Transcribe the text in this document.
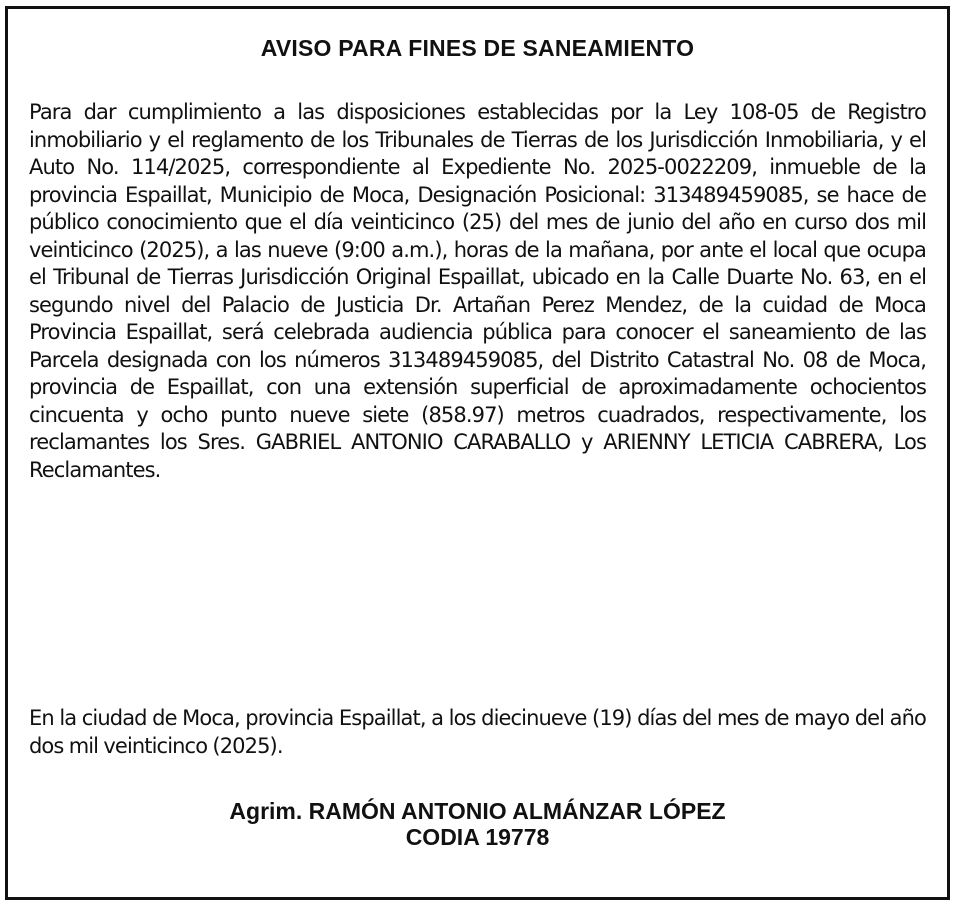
AVISO PARA FINES DE SANEAMIENTO
Para dar cumplimiento a las disposiciones establecidas por la Ley 108-05 de Registro inmobiliario y el reglamento de los Tribunales de Tierras de los Jurisdicción Inmobiliaria, y el Auto No. 114/2025, correspondiente al Expediente No. 2025-0022209, inmueble de la provincia Espaillat, Municipio de Moca, Designación Posicional: 313489459085, se hace de público conocimiento que el día veinticinco (25) del mes de junio del año en curso dos mil veinticinco (2025), a las nueve (9:00 a.m.), horas de la mañana, por ante el local que ocupa el Tribunal de Tierras Jurisdicción Original Espaillat, ubicado en la Calle Duarte No. 63, en el segundo nivel del Palacio de Justicia Dr. Artañan Perez Mendez, de la cuidad de Moca Provincia Espaillat, será celebrada audiencia pública para conocer el saneamiento de las Parcela designada con los números 313489459085, del Distrito Catastral No. 08 de Moca, provincia de Espaillat, con una extensión superficial de aproximadamente ochocientos cincuenta y ocho punto nueve siete (858.97) metros cuadrados, respectivamente, los reclamantes los Sres. GABRIEL ANTONIO CARABALLO y ARIENNY LETICIA CABRERA, Los Reclamantes.
En la ciudad de Moca, provincia Espaillat, a los diecinueve (19) días del mes de mayo del año dos mil veinticinco (2025).
Agrim. RAMÓN ANTONIO ALMÁNZAR LÓPEZ
CODIA 19778
